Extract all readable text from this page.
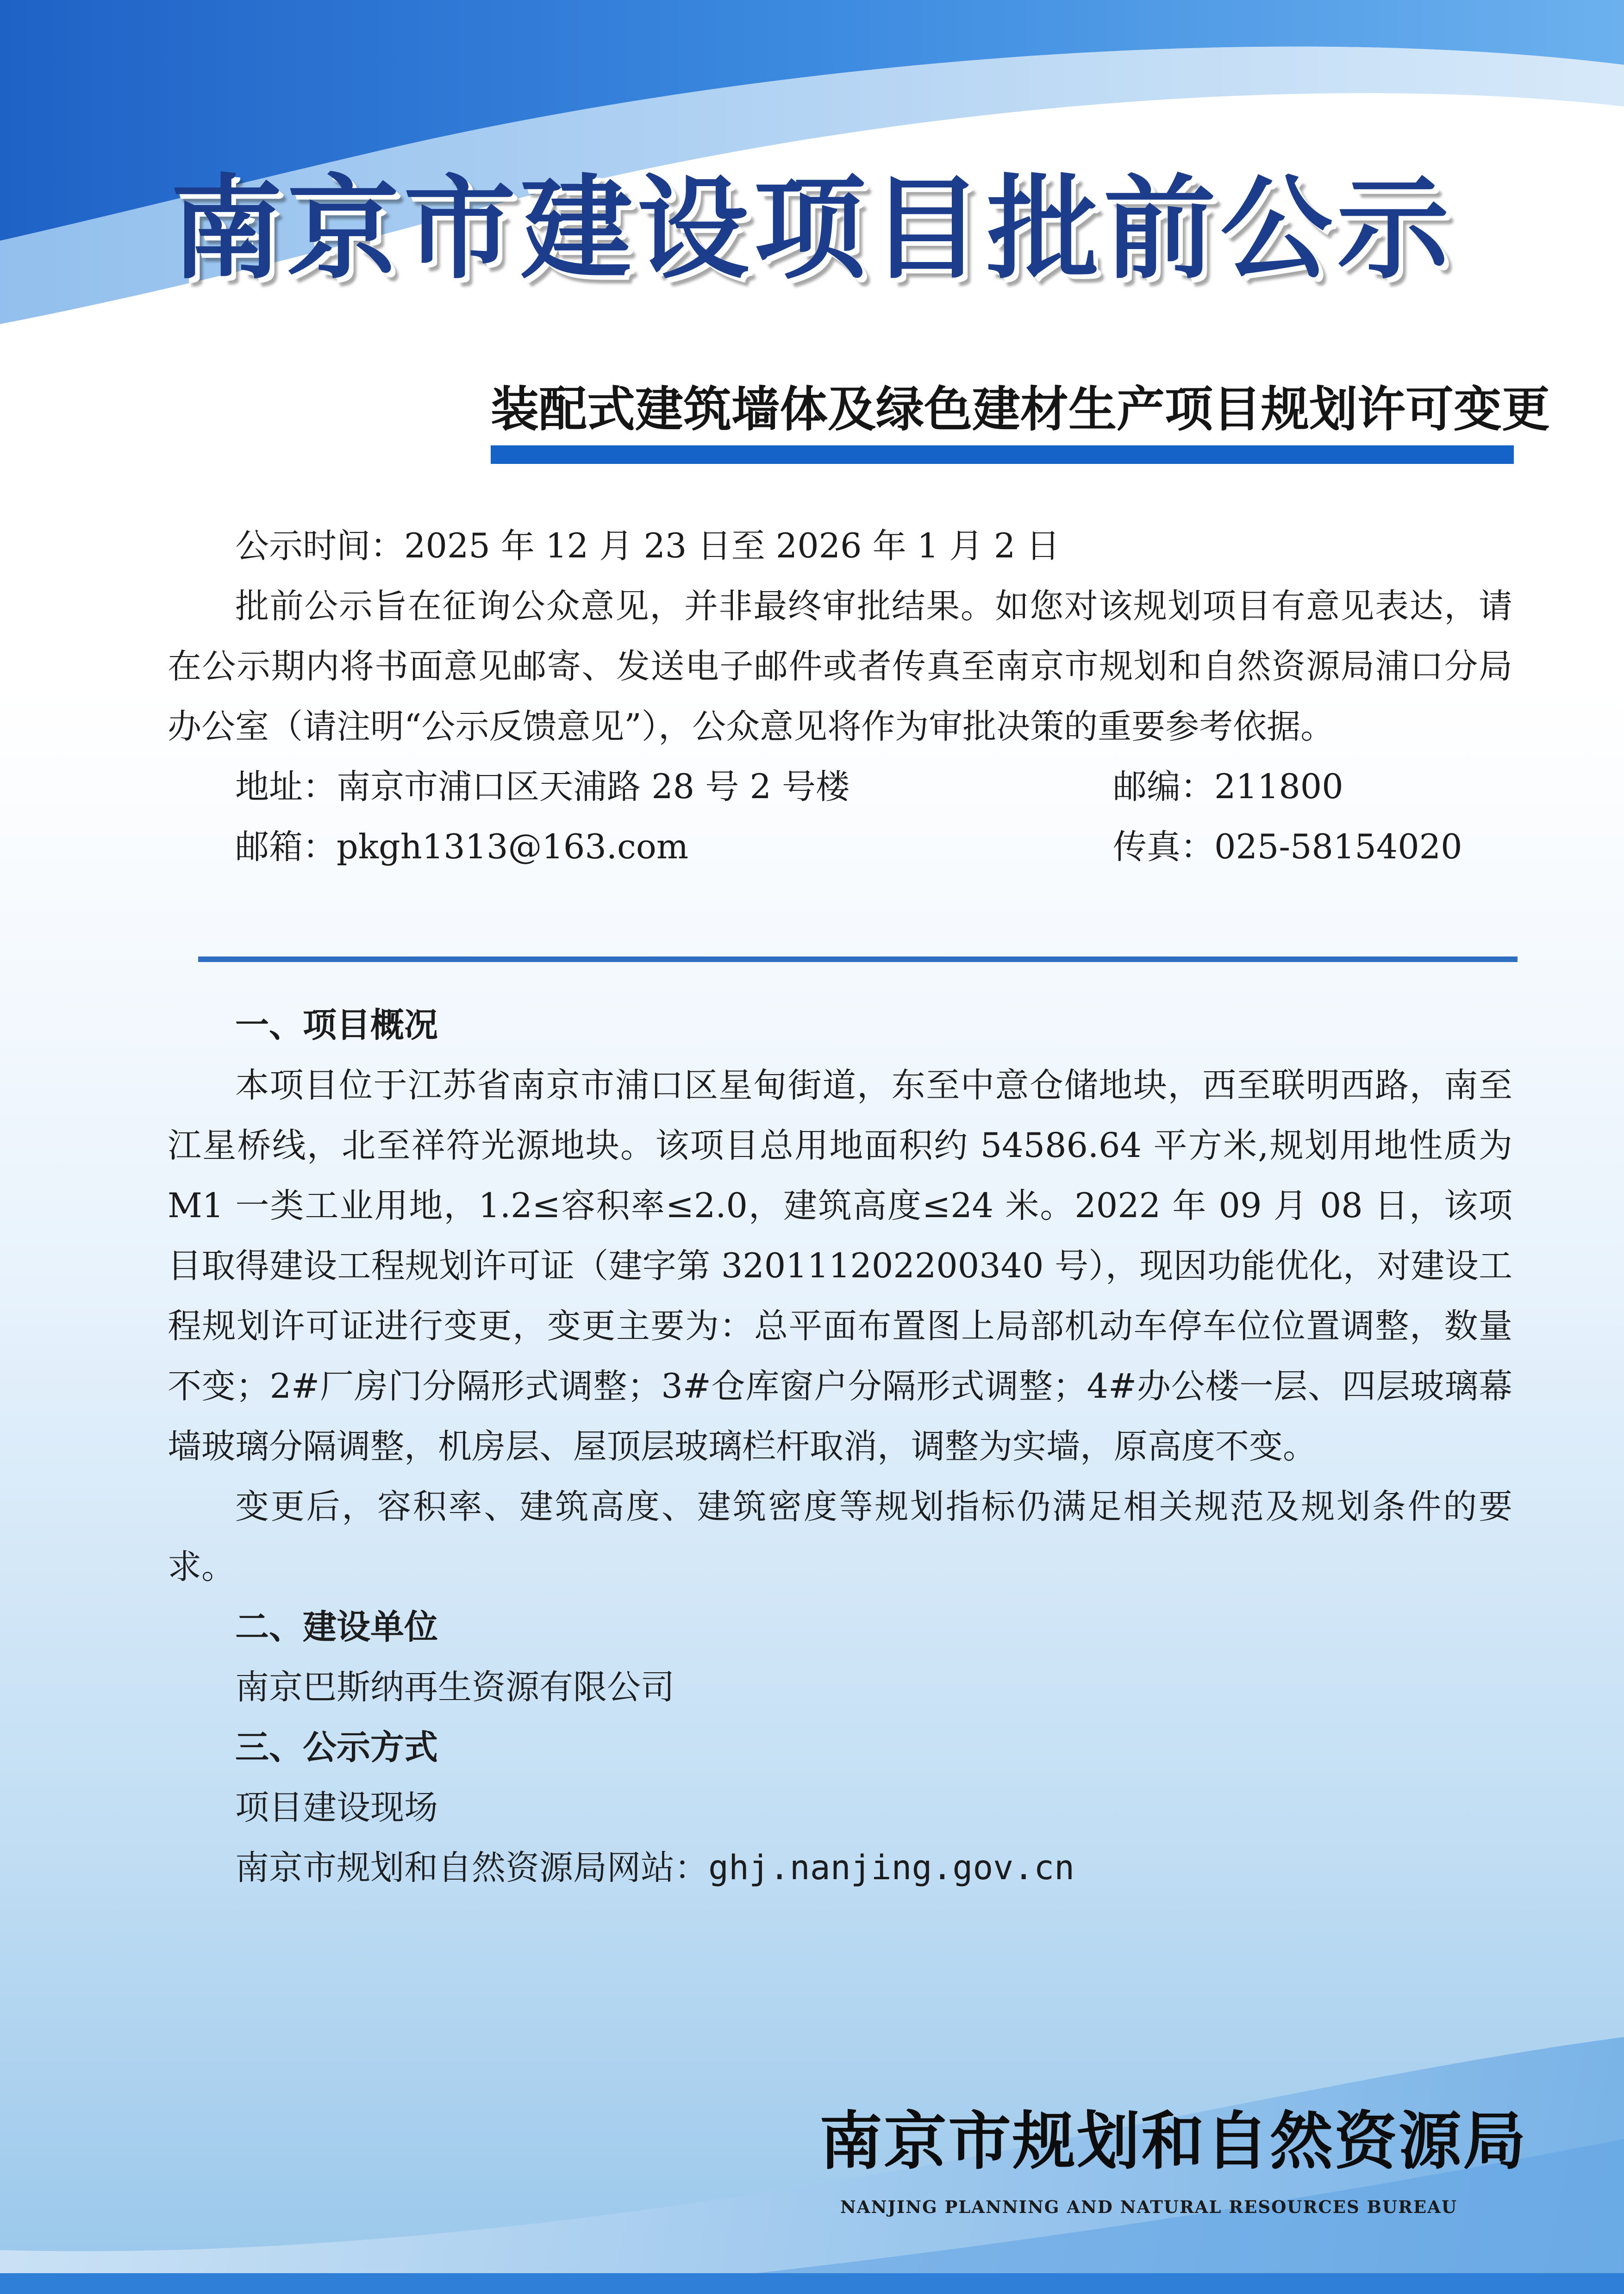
南京市建设项目批前公示
装配式建筑墙体及绿色建材生产项目规划许可变更

公示时间：2025 年 12 月 23 日至 2026 年 1 月 2 日

批前公示旨在征询公众意见，并非最终审批结果。如您对该规划项目有意见表达，请在公示期内将书面意见邮寄、发送电子邮件或者传真至南京市规划和自然资源局浦口分局办公室（请注明“公示反馈意见”），公众意见将作为审批决策的重要参考依据。

地址：南京市浦口区天浦路 28 号 2 号楼	邮编：211800
邮箱：pkgh1313@163.com	传真：025-58154020

一、项目概况

本项目位于江苏省南京市浦口区星甸街道，东至中意仓储地块，西至联明西路，南至江星桥线，北至祥符光源地块。该项目总用地面积约 54586.64 平方米,规划用地性质为 M1 一类工业用地，1.2≤容积率≤2.0，建筑高度≤24 米。2022 年 09 月 08 日，该项目取得建设工程规划许可证（建字第 320111202200340 号），现因功能优化，对建设工程规划许可证进行变更，变更主要为：总平面布置图上局部机动车停车位位置调整，数量不变；2#厂房门分隔形式调整；3#仓库窗户分隔形式调整；4#办公楼一层、四层玻璃幕墙玻璃分隔调整，机房层、屋顶层玻璃栏杆取消，调整为实墙，原高度不变。

变更后，容积率、建筑高度、建筑密度等规划指标仍满足相关规范及规划条件的要求。

二、建设单位

南京巴斯纳再生资源有限公司

三、公示方式

项目建设现场

南京市规划和自然资源局网站：ghj.nanjing.gov.cn

南京市规划和自然资源局

NANJING PLANNING AND NATURAL RESOURCES BUREAU
